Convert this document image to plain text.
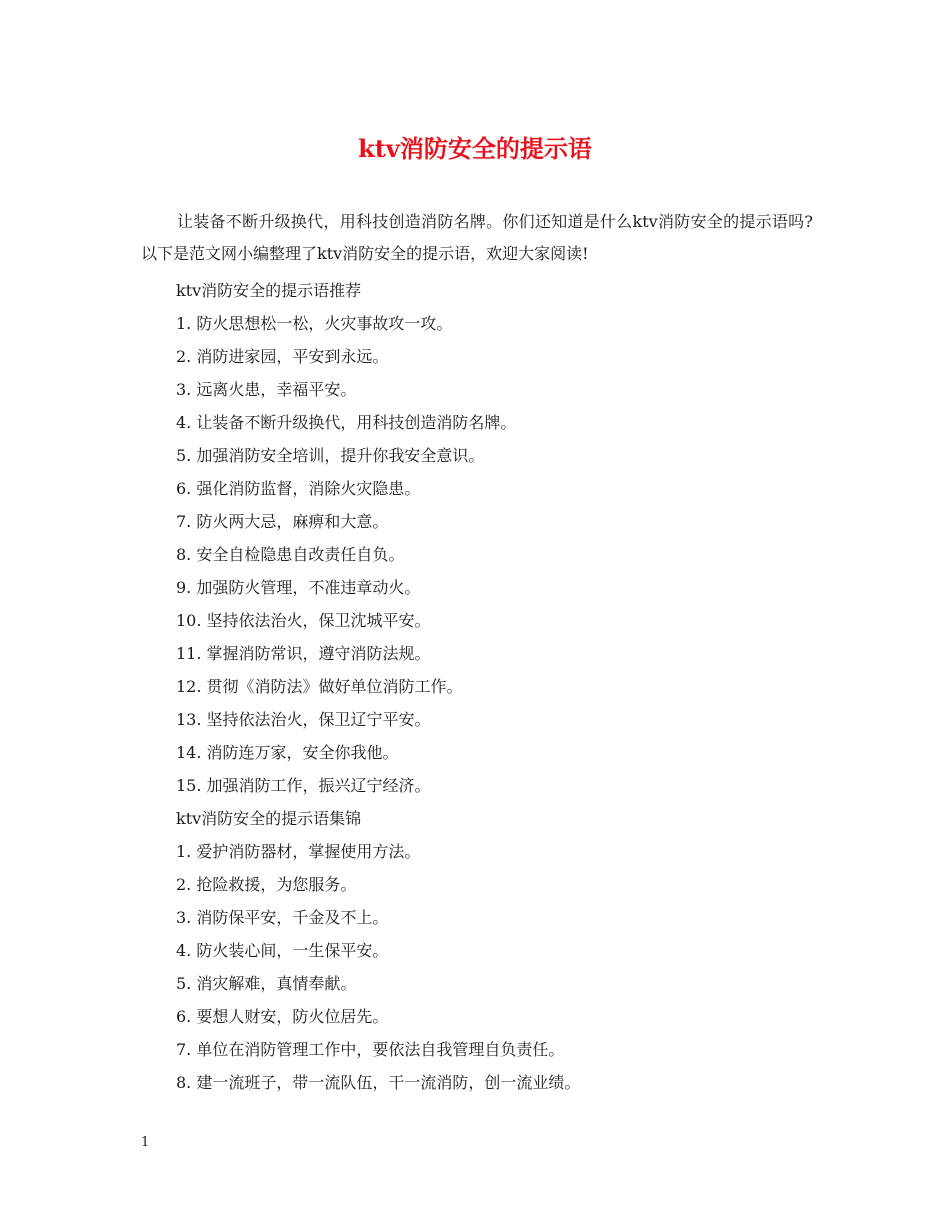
ktv消防安全的提示语

让装备不断升级换代，用科技创造消防名牌。你们还知道是什么ktv消防安全的提示语吗?以下是范文网小编整理了ktv消防安全的提示语，欢迎大家阅读!

ktv消防安全的提示语推荐
1. 防火思想松一松，火灾事故攻一攻。
2. 消防进家园，平安到永远。
3. 远离火患，幸福平安。
4. 让装备不断升级换代，用科技创造消防名牌。
5. 加强消防安全培训，提升你我安全意识。
6. 强化消防监督，消除火灾隐患。
7. 防火两大忌，麻痹和大意。
8. 安全自检隐患自改责任自负。
9. 加强防火管理，不准违章动火。
10. 坚持依法治火，保卫沈城平安。
11. 掌握消防常识，遵守消防法规。
12. 贯彻《消防法》做好单位消防工作。
13. 坚持依法治火，保卫辽宁平安。
14. 消防连万家，安全你我他。
15. 加强消防工作，振兴辽宁经济。
ktv消防安全的提示语集锦
1. 爱护消防器材，掌握使用方法。
2. 抢险救援，为您服务。
3. 消防保平安，千金及不上。
4. 防火装心间，一生保平安。
5. 消灾解难，真情奉献。
6. 要想人财安，防火位居先。
7. 单位在消防管理工作中，要依法自我管理自负责任。
8. 建一流班子，带一流队伍，干一流消防，创一流业绩。
1
